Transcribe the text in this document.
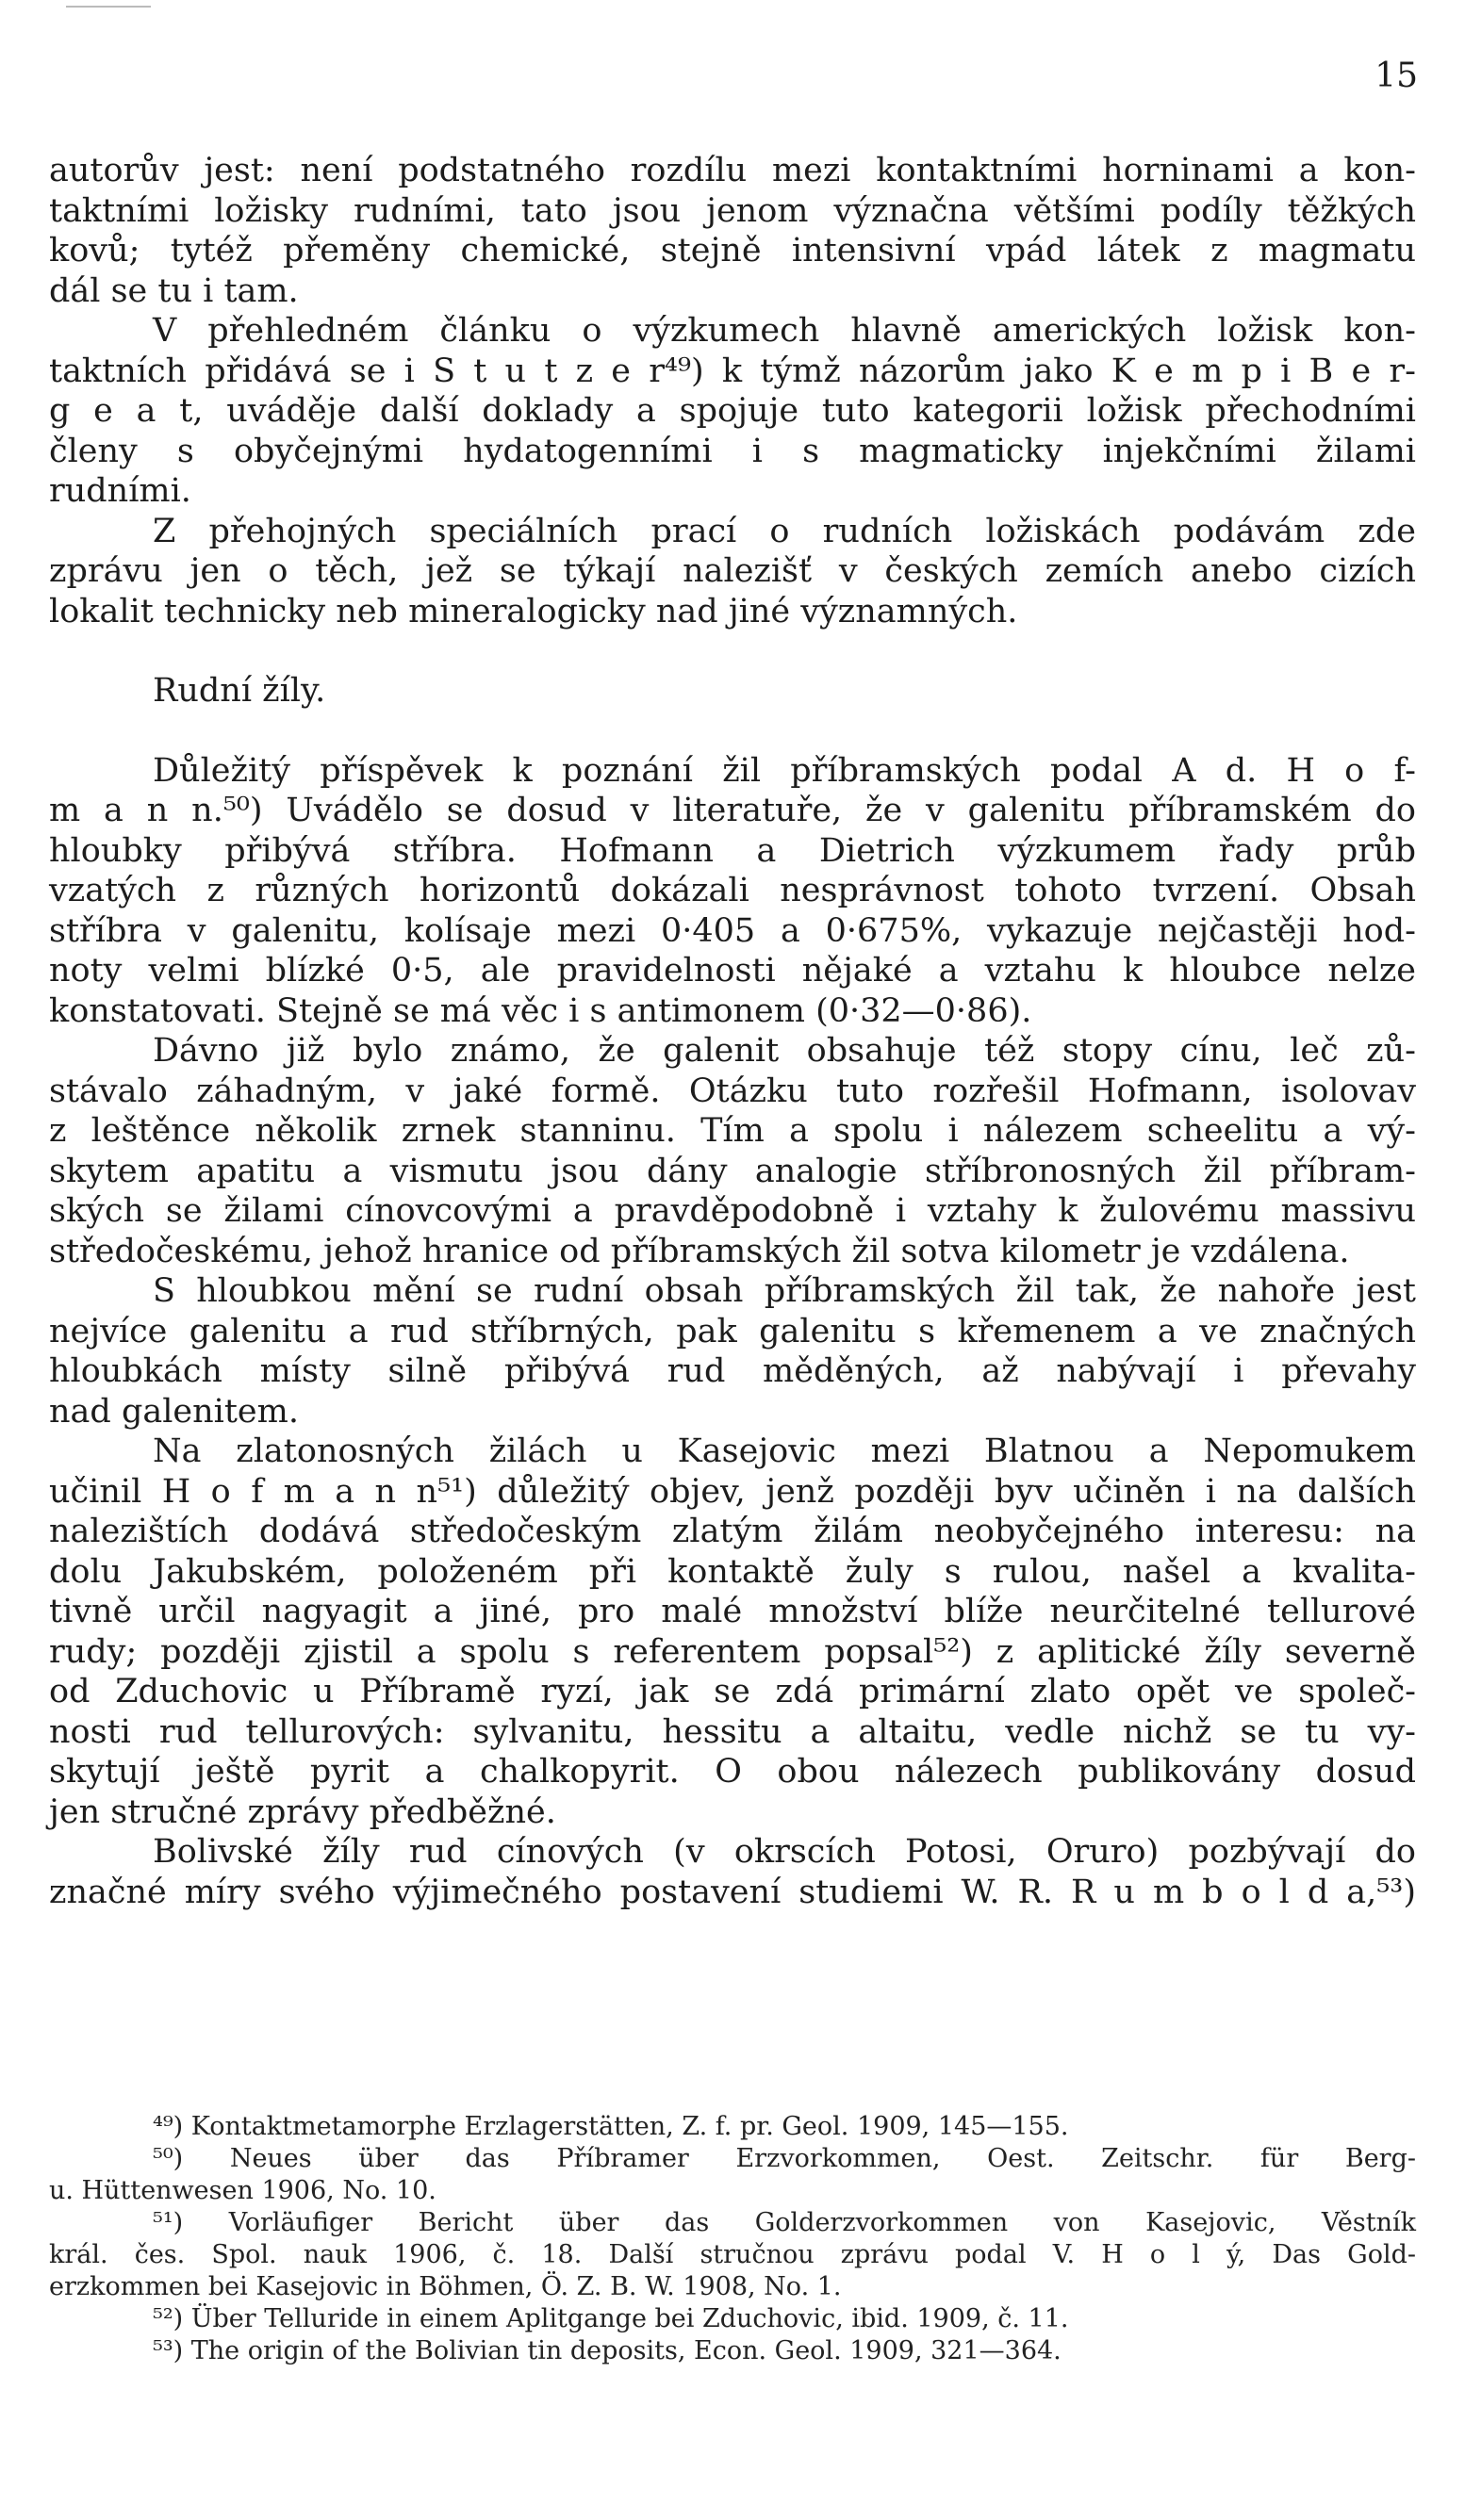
15
autorův jest: není podstatného rozdílu mezi kontaktními horninami a kon-
taktními ložisky rudními, tato jsou jenom význačna většími podíly těžkých
kovů; tytéž přeměny chemické, stejně intensivní vpád látek z magmatu
dál se tu i tam.
V přehledném článku o výzkumech hlavně amerických ložisk kon-
taktních přidává se i S t u t z e r⁴⁹) k týmž názorům jako K e m p i B e r-
g e a t, uváděje další doklady a spojuje tuto kategorii ložisk přechodními
členy s obyčejnými hydatogenními i s magmaticky injekčními žilami
rudními.
Z přehojných speciálních prací o rudních ložiskách podávám zde
zprávu jen o těch, jež se týkají nalezišť v českých zemích anebo cizích
lokalit technicky neb mineralogicky nad jiné významných.
Rudní žíly.
Důležitý příspěvek k poznání žil příbramských podal A d. H o f-
m a n n.⁵⁰) Uvádělo se dosud v literatuře, že v galenitu příbramském do
hloubky přibývá stříbra. Hofmann a Dietrich výzkumem řady průb
vzatých z různých horizontů dokázali nesprávnost tohoto tvrzení. Obsah
stříbra v galenitu, kolísaje mezi 0·405 a 0·675%, vykazuje nejčastěji hod-
noty velmi blízké 0·5, ale pravidelnosti nějaké a vztahu k hloubce nelze
konstatovati. Stejně se má věc i s antimonem (0·32—0·86).
Dávno již bylo známo, že galenit obsahuje též stopy cínu, leč zů-
stávalo záhadným, v jaké formě. Otázku tuto rozřešil Hofmann, isolovav
z leštěnce několik zrnek stanninu. Tím a spolu i nálezem scheelitu a vý-
skytem apatitu a vismutu jsou dány analogie stříbronosných žil příbram-
ských se žilami cínovcovými a pravděpodobně i vztahy k žulovému massivu
středočeskému, jehož hranice od příbramských žil sotva kilometr je vzdálena.
S hloubkou mění se rudní obsah příbramských žil tak, že nahoře jest
nejvíce galenitu a rud stříbrných, pak galenitu s křemenem a ve značných
hloubkách místy silně přibývá rud měděných, až nabývají i převahy
nad galenitem.
Na zlatonosných žilách u Kasejovic mezi Blatnou a Nepomukem
učinil H o f m a n n⁵¹) důležitý objev, jenž později byv učiněn i na dalších
nalezištích dodává středočeským zlatým žilám neobyčejného interesu: na
dolu Jakubském, položeném při kontaktě žuly s rulou, našel a kvalita-
tivně určil nagyagit a jiné, pro malé množství blíže neurčitelné tellurové
rudy; později zjistil a spolu s referentem popsal⁵²) z aplitické žíly severně
od Zduchovic u Příbramě ryzí, jak se zdá primární zlato opět ve společ-
nosti rud tellurových: sylvanitu, hessitu a altaitu, vedle nichž se tu vy-
skytují ještě pyrit a chalkopyrit. O obou nálezech publikovány dosud
jen stručné zprávy předběžné.
Bolivské žíly rud cínových (v okrscích Potosi, Oruro) pozbývají do
značné míry svého výjimečného postavení studiemi W. R. R u m b o l d a,⁵³)
⁴⁹) Kontaktmetamorphe Erzlagerstätten, Z. f. pr. Geol. 1909, 145—155.
⁵⁰) Neues über das Příbramer Erzvorkommen, Oest. Zeitschr. für Berg-
u. Hüttenwesen 1906, No. 10.
⁵¹) Vorläufiger Bericht über das Golderzvorkommen von Kasejovic, Věstník
král. čes. Spol. nauk 1906, č. 18. Další stručnou zprávu podal V. H o l ý, Das Gold-
erzkommen bei Kasejovic in Böhmen, Ö. Z. B. W. 1908, No. 1.
⁵²) Über Telluride in einem Aplitgange bei Zduchovic, ibid. 1909, č. 11.
⁵³) The origin of the Bolivian tin deposits, Econ. Geol. 1909, 321—364.
